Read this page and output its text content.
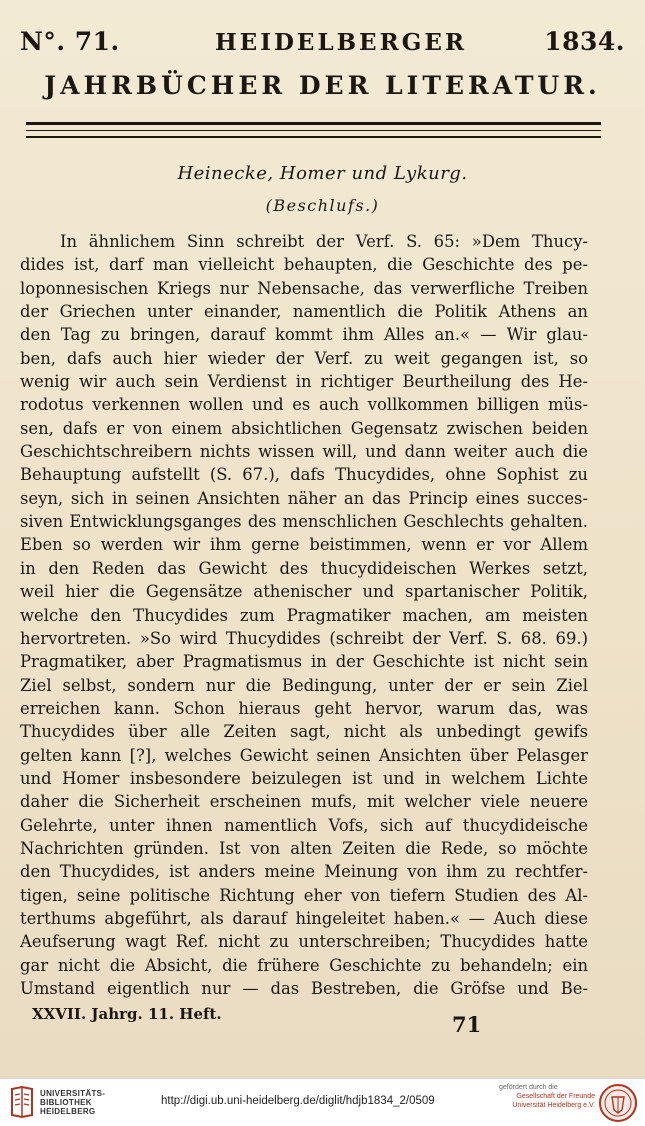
N°. 71.	HEIDELBERGER	1834.
JAHRBÜCHER DER LITERATUR.
Heinecke, Homer und Lykurg.
(Beschlufs.)
In ähnlichem Sinn schreibt der Verf. S. 65: »Dem Thucy-
dides ist, darf man vielleicht behaupten, die Geschichte des pe-
loponnesischen Kriegs nur Nebensache, das verwerfliche Treiben
der Griechen unter einander, namentlich die Politik Athens an
den Tag zu bringen, darauf kommt ihm Alles an.« — Wir glau-
ben, dafs auch hier wieder der Verf. zu weit gegangen ist, so
wenig wir auch sein Verdienst in richtiger Beurtheilung des He-
rodotus verkennen wollen und es auch vollkommen billigen müs-
sen, dafs er von einem absichtlichen Gegensatz zwischen beiden
Geschichtschreibern nichts wissen will, und dann weiter auch die
Behauptung aufstellt (S. 67.), dafs Thucydides, ohne Sophist zu
seyn, sich in seinen Ansichten näher an das Princip eines succes-
siven Entwicklungsganges des menschlichen Geschlechts gehalten.
Eben so werden wir ihm gerne beistimmen, wenn er vor Allem
in den Reden das Gewicht des thucydideischen Werkes setzt,
weil hier die Gegensätze athenischer und spartanischer Politik,
welche den Thucydides zum Pragmatiker machen, am meisten
hervortreten. »So wird Thucydides (schreibt der Verf. S. 68. 69.)
Pragmatiker, aber Pragmatismus in der Geschichte ist nicht sein
Ziel selbst, sondern nur die Bedingung, unter der er sein Ziel
erreichen kann. Schon hieraus geht hervor, warum das, was
Thucydides über alle Zeiten sagt, nicht als unbedingt gewifs
gelten kann [?], welches Gewicht seinen Ansichten über Pelasger
und Homer insbesondere beizulegen ist und in welchem Lichte
daher die Sicherheit erscheinen mufs, mit welcher viele neuere
Gelehrte, unter ihnen namentlich Vofs, sich auf thucydideische
Nachrichten gründen. Ist von alten Zeiten die Rede, so möchte
den Thucydides, ist anders meine Meinung von ihm zu rechtfer-
tigen, seine politische Richtung eher von tiefern Studien des Al-
terthums abgeführt, als darauf hingeleitet haben.« — Auch diese
Aeufserung wagt Ref. nicht zu unterschreiben; Thucydides hatte
gar nicht die Absicht, die frühere Geschichte zu behandeln; ein
Umstand eigentlich nur — das Bestreben, die Gröfse und Be-
XXVII. Jahrg. 11. Heft.	71
UNIVERSITÄTS-
BIBLIOTHEK
HEIDELBERG
http://digi.ub.uni-heidelberg.de/diglit/hdjb1834_2/0509
gefördert durch die
Gesellschaft der Freunde
Universität Heidelberg e.V.
